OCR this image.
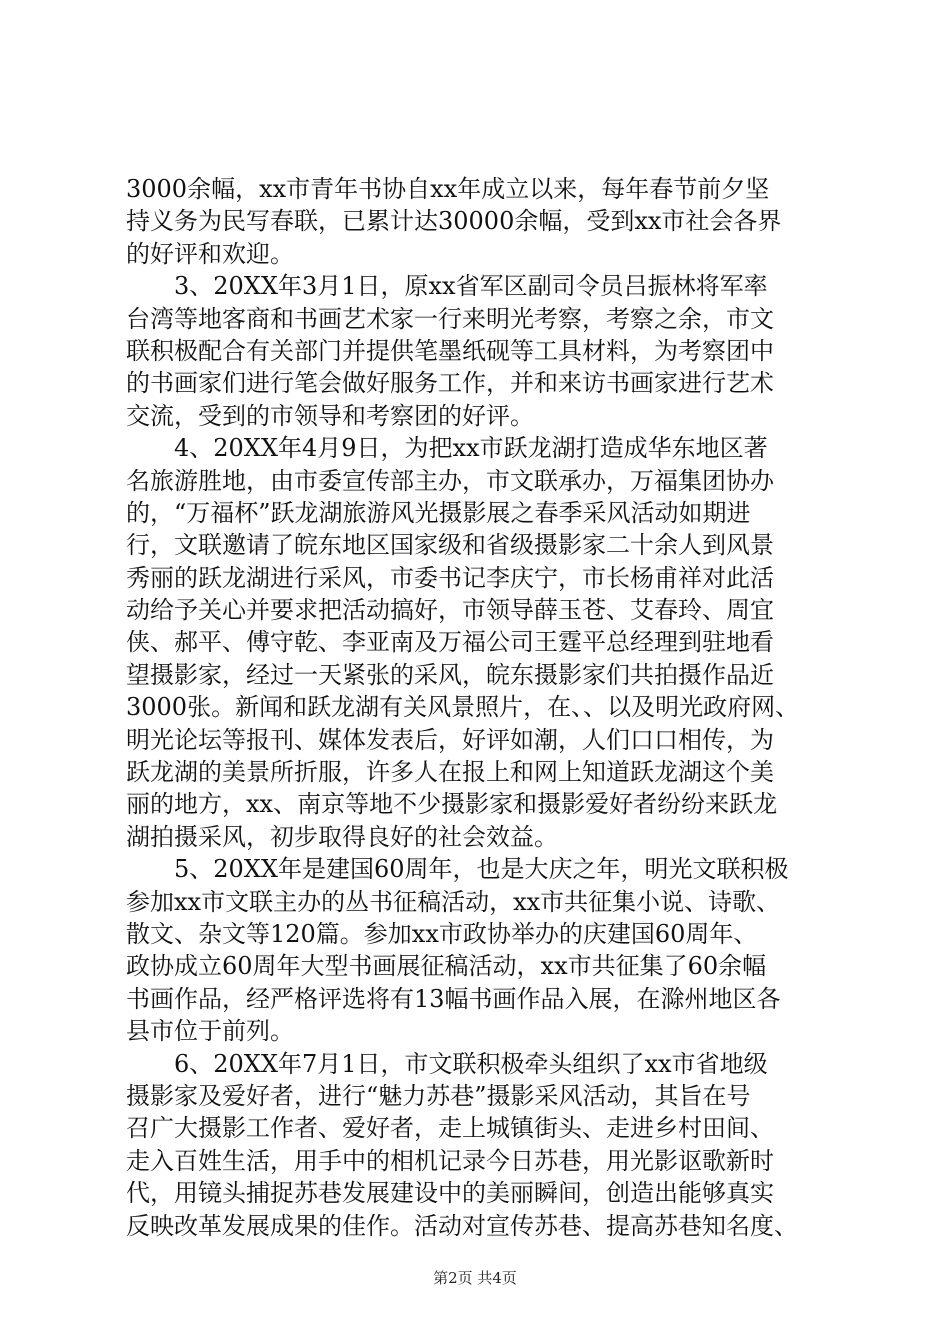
3000余幅，xx市青年书协自xx年成立以来，每年春节前夕坚
持义务为民写春联，已累计达30000余幅，受到xx市社会各界
的好评和欢迎。
　　3、20XX年3月1日，原xx省军区副司令员吕振林将军率
台湾等地客商和书画艺术家一行来明光考察，考察之余，市文
联积极配合有关部门并提供笔墨纸砚等工具材料，为考察团中
的书画家们进行笔会做好服务工作，并和来访书画家进行艺术
交流，受到的市领导和考察团的好评。
　　4、20XX年4月9日，为把xx市跃龙湖打造成华东地区著
名旅游胜地，由市委宣传部主办，市文联承办，万福集团协办
的，“万福杯”跃龙湖旅游风光摄影展之春季采风活动如期进
行，文联邀请了皖东地区国家级和省级摄影家二十余人到风景
秀丽的跃龙湖进行采风，市委书记李庆宁，市长杨甫祥对此活
动给予关心并要求把活动搞好，市领导薛玉苍、艾春玲、周宜
侠、郝平、傅守乾、李亚南及万福公司王霆平总经理到驻地看
望摄影家，经过一天紧张的采风，皖东摄影家们共拍摄作品近
3000张。新闻和跃龙湖有关风景照片，在、、以及明光政府网、
明光论坛等报刊、媒体发表后，好评如潮，人们口口相传，为
跃龙湖的美景所折服，许多人在报上和网上知道跃龙湖这个美
丽的地方，xx、南京等地不少摄影家和摄影爱好者纷纷来跃龙
湖拍摄采风，初步取得良好的社会效益。
　　5、20XX年是建国60周年，也是大庆之年，明光文联积极
参加xx市文联主办的丛书征稿活动，xx市共征集小说、诗歌、
散文、杂文等120篇。参加xx市政协举办的庆建国60周年、
政协成立60周年大型书画展征稿活动，xx市共征集了60余幅
书画作品，经严格评选将有13幅书画作品入展，在滁州地区各
县市位于前列。
　　6、20XX年7月1日，市文联积极牵头组织了xx市省地级
摄影家及爱好者，进行“魅力苏巷”摄影采风活动，其旨在号
召广大摄影工作者、爱好者，走上城镇街头、走进乡村田间、
走入百姓生活，用手中的相机记录今日苏巷，用光影讴歌新时
代，用镜头捕捉苏巷发展建设中的美丽瞬间，创造出能够真实
反映改革发展成果的佳作。活动对宣传苏巷、提高苏巷知名度、
第2页 共4页
